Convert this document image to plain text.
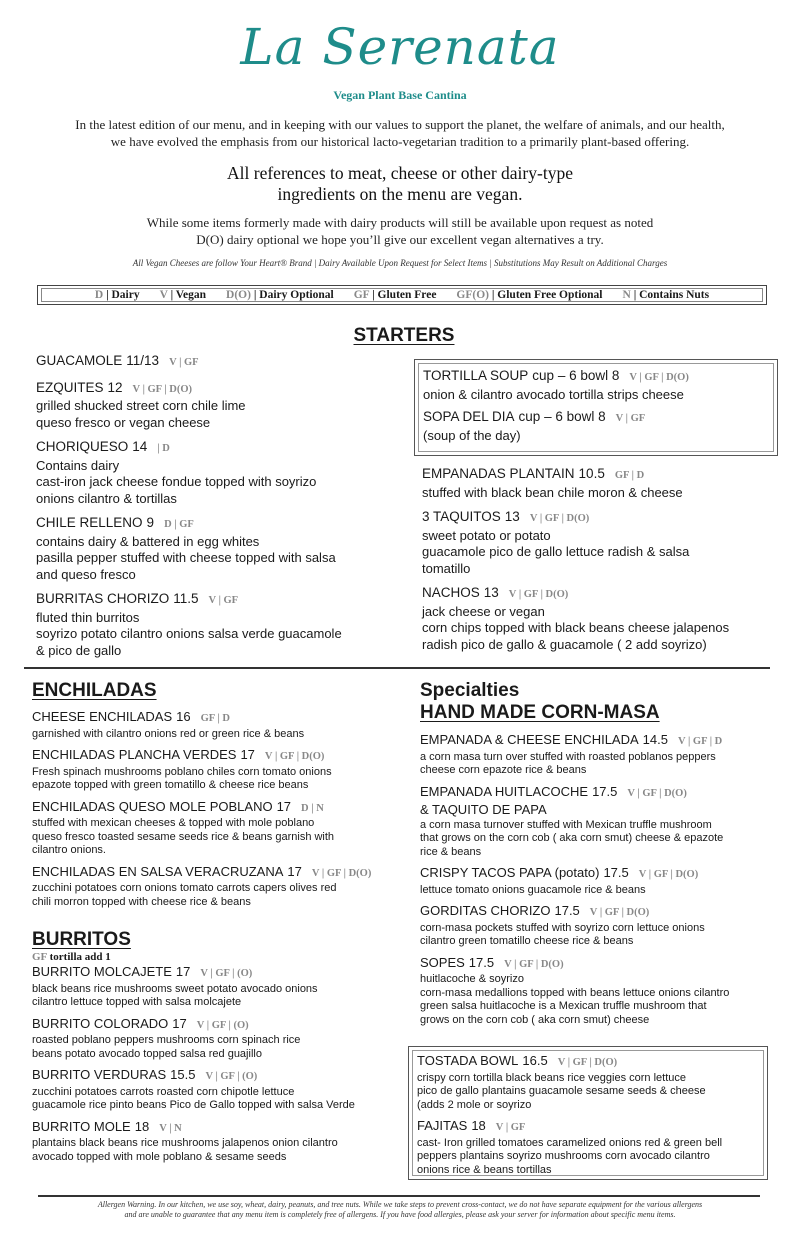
La Serenata
Vegan Plant Base Cantina
In the latest edition of our menu, and in keeping with our values to support the planet, the welfare of animals, and our health,
we have evolved the emphasis from our historical lacto-vegetarian tradition to a primarily plant-based offering.
All references to meat, cheese or other dairy-type
ingredients on the menu are vegan.
While some items formerly made with dairy products will still be available upon request as noted
D(O) dairy optional we hope you’ll give our excellent vegan alternatives a try.
All Vegan Cheeses are follow Your Heart® Brand | Dairy Available Upon Request for Select Items | Substitutions May Result on Additional Charges
D | Dairy V | Vegan D(O) | Dairy Optional GF | Gluten Free GF(O) | Gluten Free Optional N | Contains Nuts
STARTERS
GUACAMOLE 11/13 V | GF
EZQUITES 12 V | GF | D(O)
grilled shucked street corn chile lime
queso fresco or vegan cheese
CHORIQUESO 14 | D
Contains dairy
cast-iron jack cheese fondue topped with soyrizo
onions cilantro & tortillas
CHILE RELLENO 9 D | GF
contains dairy & battered in egg whites
pasilla pepper stuffed with cheese topped with salsa
and queso fresco
BURRITAS CHORIZO 11.5 V | GF
fluted thin burritos
soyrizo potato cilantro onions salsa verde guacamole
& pico de gallo
TORTILLA SOUP cup – 6 bowl 8 V | GF | D(O)
onion & cilantro avocado tortilla strips cheese
SOPA DEL DIA cup – 6 bowl 8 V | GF
(soup of the day)
EMPANADAS PLANTAIN 10.5 GF | D
stuffed with black bean chile moron & cheese
3 TAQUITOS 13 V | GF | D(O)
sweet potato or potato
guacamole pico de gallo lettuce radish & salsa
tomatillo
NACHOS 13 V | GF | D(O)
jack cheese or vegan
corn chips topped with black beans cheese jalapenos
radish pico de gallo & guacamole ( 2 add soyrizo)
ENCHILADAS
CHEESE ENCHILADAS 16 GF | D
garnished with cilantro onions red or green rice & beans
ENCHILADAS PLANCHA VERDES 17 V | GF | D(O)
Fresh spinach mushrooms poblano chiles corn tomato onions
epazote topped with green tomatillo & cheese rice beans
ENCHILADAS QUESO MOLE POBLANO 17 D | N
stuffed with mexican cheeses & topped with mole poblano
queso fresco toasted sesame seeds rice & beans garnish with
cilantro onions.
ENCHILADAS EN SALSA VERACRUZANA 17 V | GF | D(O)
zucchini potatoes corn onions tomato carrots capers olives red
chili morron topped with cheese rice & beans
BURRITOS
GF tortilla add 1
BURRITO MOLCAJETE 17 V | GF | (O)
black beans rice mushrooms sweet potato avocado onions
cilantro lettuce topped with salsa molcajete
BURRITO COLORADO 17 V | GF | (O)
roasted poblano peppers mushrooms corn spinach rice
beans potato avocado topped salsa red guajillo
BURRITO VERDURAS 15.5 V | GF | (O)
zucchini potatoes carrots roasted corn chipotle lettuce
guacamole rice pinto beans Pico de Gallo topped with salsa Verde
BURRITO MOLE 18 V | N
plantains black beans rice mushrooms jalapenos onion cilantro
avocado topped with mole poblano & sesame seeds
Specialties
HAND MADE CORN-MASA
EMPANADA & CHEESE ENCHILADA 14.5 V | GF | D
a corn masa turn over stuffed with roasted poblanos peppers
cheese corn epazote rice & beans
EMPANADA HUITLACOCHE 17.5 V | GF | D(O)
& TAQUITO DE PAPA
a corn masa turnover stuffed with Mexican truffle mushroom
that grows on the corn cob ( aka corn smut) cheese & epazote
rice & beans
CRISPY TACOS PAPA (potato) 17.5 V | GF | D(O)
lettuce tomato onions guacamole rice & beans
GORDITAS CHORIZO 17.5 V | GF | D(O)
corn-masa pockets stuffed with soyrizo corn lettuce onions
cilantro green tomatillo cheese rice & beans
SOPES 17.5 V | GF | D(O)
huitlacoche & soyrizo
corn-masa medallions topped with beans lettuce onions cilantro
green salsa huitlacoche is a Mexican truffle mushroom that
grows on the corn cob ( aka corn smut) cheese
TOSTADA BOWL 16.5 V | GF | D(O)
crispy corn tortilla black beans rice veggies corn lettuce
pico de gallo plantains guacamole sesame seeds & cheese
(adds 2 mole or soyrizo
FAJITAS 18 V | GF
cast- Iron grilled tomatoes caramelized onions red & green bell
peppers plantains soyrizo mushrooms corn avocado cilantro
onions rice & beans tortillas
Allergen Warning. In our kitchen, we use soy, wheat, dairy, peanuts, and tree nuts. While we take steps to prevent cross-contact, we do not have separate equipment for the various allergens
and are unable to guarantee that any menu item is completely free of allergens. If you have food allergies, please ask your server for information about specific menu items.
